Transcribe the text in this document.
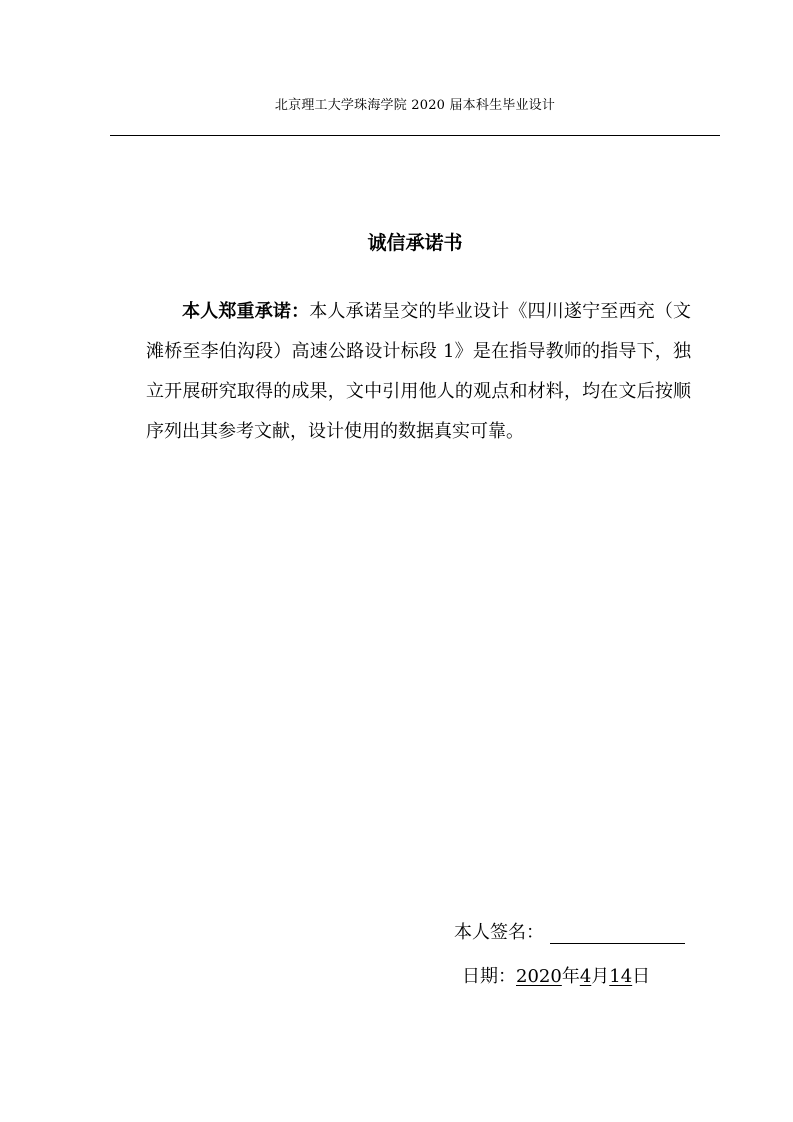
北京理工大学珠海学院 2020 届本科生毕业设计
诚信承诺书
本人郑重承诺：本人承诺呈交的毕业设计《四川遂宁至西充（文滩桥至李伯沟段）高速公路设计标段 1》是在指导教师的指导下，独立开展研究取得的成果，文中引用他人的观点和材料，均在文后按顺序列出其参考文献，设计使用的数据真实可靠。
本人签名：
日期：2020年4月14日
